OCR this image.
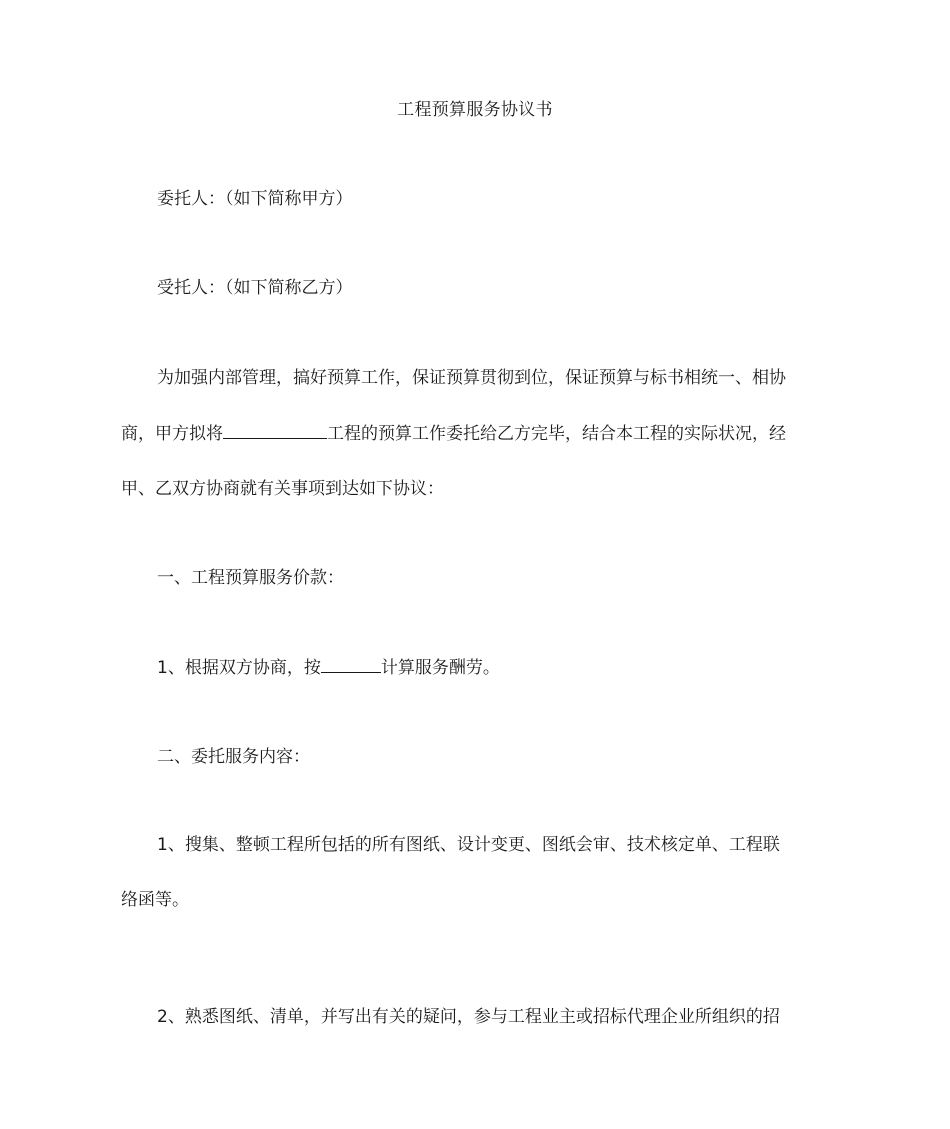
工程预算服务协议书
委托人：（如下简称甲方）
受托人：（如下简称乙方）
为加强内部管理，搞好预算工作，保证预算贯彻到位，保证预算与标书相统一、相协
商，甲方拟将	工程的预算工作委托给乙方完毕，结合本工程的实际状况，经
甲、乙双方协商就有关事项到达如下协议：
一、工程预算服务价款：
1、根据双方协商，按	计算服务酬劳。
二、委托服务内容：
1、搜集、整顿工程所包括的所有图纸、设计变更、图纸会审、技术核定单、工程联
络函等。
2、熟悉图纸、清单，并写出有关的疑问，参与工程业主或招标代理企业所组织的招
